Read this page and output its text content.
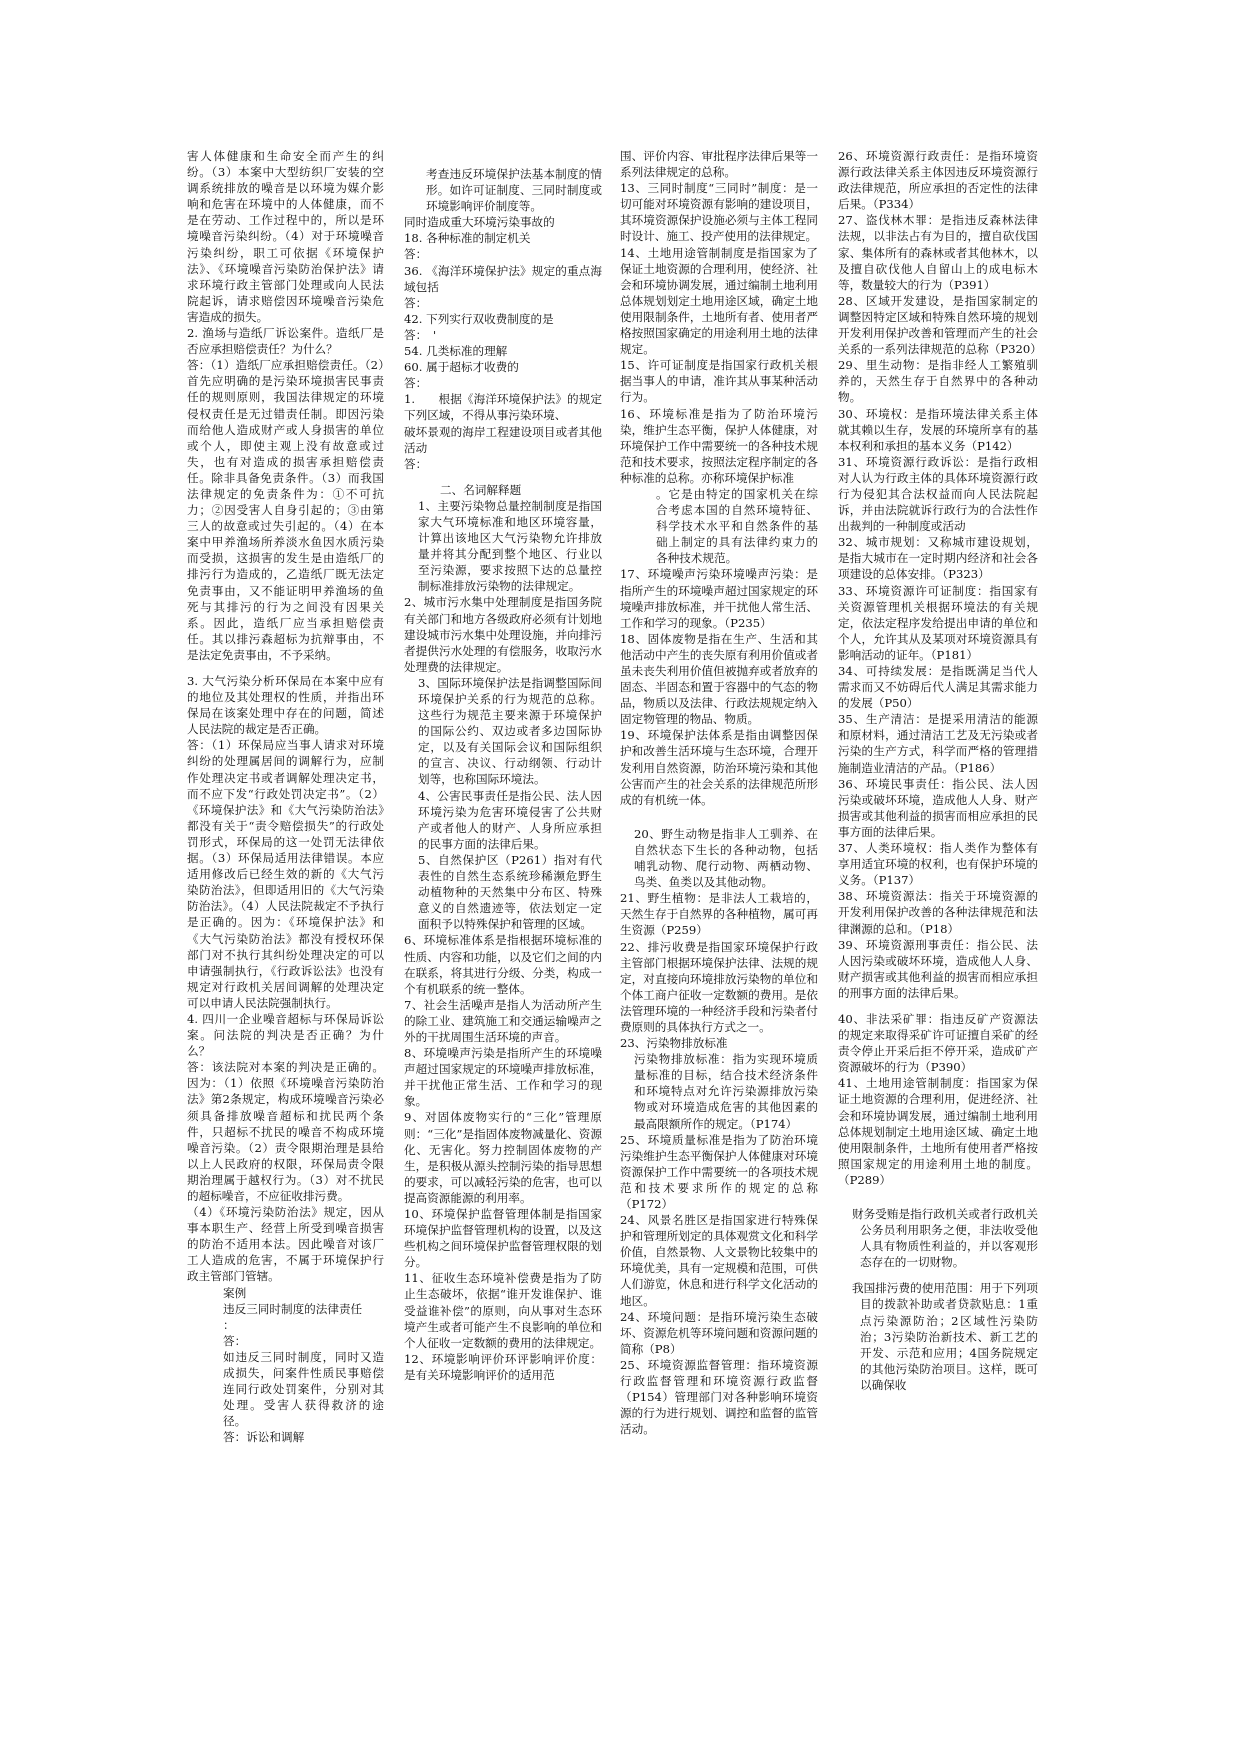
害人体健康和生命安全而产生的纠纷。（3）本案中大型纺织厂安装的空调系统排放的噪音是以环境为媒介影响和危害在环境中的人体健康，而不是在劳动、工作过程中的，所以是环境噪音污染纠纷。（4）对于环境噪音污染纠纷，职工可依据《环境保护法》、《环境噪音污染防治保护法》请求环境行政主管部门处理或向人民法院起诉，请求赔偿因环境噪音污染危害造成的损失。

2. 渔场与造纸厂诉讼案件。造纸厂是否应承担赔偿责任？为什么？

答：（1）造纸厂应承担赔偿责任。（2）首先应明确的是污染环境损害民事责任的规则原则，我国法律规定的环境侵权责任是无过错责任制。即因污染而给他人造成财产或人身损害的单位或个人，即使主观上没有故意或过失，也有对造成的损害承担赔偿责任。除非具备免责条件。（3）而我国法律规定的免责条件为：①不可抗力；②因受害人自身引起的；③由第三人的故意或过失引起的。（4）在本案中甲养渔场所养淡水鱼因水质污染而受损，这损害的发生是由造纸厂的排污行为造成的，乙造纸厂既无法定免责事由，又不能证明甲养渔场的鱼死与其排污的行为之间没有因果关系。因此，造纸厂应当承担赔偿责任。其以排污森超标为抗辩事由，不是法定免责事由，不予采纳。

3. 大气污染分析环保局在本案中应有的地位及其处理权的性质，并指出环保局在该案处理中存在的问题，简述人民法院的裁定是否正确。

答：（1）环保局应当事人请求对环境纠纷的处理属居间的调解行为，应制作处理决定书或者调解处理决定书，而不应下发“行政处罚决定书”。（2）《环境保护法》和《大气污染防治法》都没有关于“责令赔偿损失”的行政处罚形式，环保局的这一处罚无法律依据。（3）环保局适用法律错误。本应适用修改后已经生效的新的《大气污染防治法》，但即适用旧的《大气污染防治法》。（4）人民法院裁定不予执行是正确的。因为：《环境保护法》和《大气污染防治法》都没有授权环保部门对不执行其纠纷处理决定的可以申请强制执行，《行政诉讼法》也没有规定对行政机关居间调解的处理决定可以申请人民法院强制执行。

4. 四川一企业噪音超标与环保局诉讼案。问法院的判决是否正确？为什么？

答：该法院对本案的判决是正确的。因为：（1）依照《环境噪音污染防治法》第2条规定，构成环境噪音污染必须具备排放噪音超标和扰民两个条件，只超标不扰民的噪音不构成环境噪音污染。（2）责令限期治理是县给以上人民政府的权限，环保局责令限期治理属于越权行为。（3）对不扰民的超标噪音，不应征收排污费。

（4）《环境污染防治法》规定，因从事本职生产、经营上所受到噪音损害的防治不适用本法。因此噪音对该厂工人造成的危害，不属于环境保护行政主管部门管辖。

案例

违反三同时制度的法律责任

：

答：

如违反三同时制度，同时又造成损失，问案件性质民事赔偿连同行政处罚案件，分别对其处理。受害人获得救济的途径。

答：诉讼和调解

考查违反环境保护法基本制度的情形。如许可证制度、三同时制度或环境影响评价制度等。

同时造成重大环境污染事故的

18. 各种标准的制定机关

答：

36. 《海洋环境保护法》规定的重点海域包括

答：

42. 下列实行双收费制度的是

答：　'

54. 几类标准的理解

60. 属于超标才收费的

答：

1.　　根据《海洋环境保护法》的规定下列区域，不得从事污染环境、

破坏景观的海岸工程建设项目或者其他活动

答：

二、名词解释题

1、主要污染物总量控制制度是指国家大气环境标准和地区环境容量，计算出该地区大气污染物允许排放量并将其分配到整个地区、行业以至污染源，要求按照下达的总量控制标准排放污染物的法律规定。

2、城市污水集中处理制度是指国务院有关部门和地方各级政府必须有计划地建设城市污水集中处理设施，并向排污者提供污水处理的有偿服务，收取污水处理费的法律规定。

3、国际环境保护法是指调整国际间环境保护关系的行为规范的总称。这些行为规范主要来源于环境保护的国际公约、双边或者多边国际协定，以及有关国际会议和国际组织的宣言、决议、行动纲领、行动计划等，也称国际环境法。

4、公害民事责任是指公民、法人因环境污染为危害环境侵害了公共财产或者他人的财产、人身所应承担的民事方面的法律后果。

5、自然保护区（P261）指对有代表性的自然生态系统珍稀濒危野生动植物种的天然集中分布区、特殊意义的自然遗迹等，依法划定一定面积予以特殊保护和管理的区域。

6、环境标准体系是指根据环境标准的性质、内容和功能，以及它们之间的内在联系，将其进行分级、分类，构成一个有机联系的统一整体。

7、社会生活噪声是指人为活动所产生的除工业、建筑施工和交通运输噪声之外的干扰周围生活环境的声音。

8、环境噪声污染是指所产生的环境噪声超过国家规定的环境噪声排放标准，并干扰他正常生活、工作和学习的现象。

9、对固体废物实行的“三化”管理原则：“三化”是指固体废物减量化、资源化、无害化。努力控制固体废物的产生，是积极从源头控制污染的指导思想的要求，可以减轻污染的危害，也可以提高资源能源的利用率。

10、环境保护监督管理体制是指国家环境保护监督管理机构的设置，以及这些机构之间环境保护监督管理权限的划分。

11、征收生态环境补偿费是指为了防止生态破坏，依据“谁开发谁保护、谁受益谁补偿”的原则，向从事对生态环境产生或者可能产生不良影响的单位和个人征收一定数额的费用的法律规定。

12、环境影响评价环评影响评价度：是有关环境影响评价的适用范

围、评价内容、审批程序法律后果等一系列法律规定的总称。

13、三同时制度“三同时”制度：是一切可能对环境资源有影响的建设项目，其环境资源保护设施必须与主体工程同时设计、施工、投产使用的法律规定。

14、土地用途管制制度是指国家为了保证土地资源的合理利用，使经济、社会和环境协调发展，通过编制土地利用总体规划划定土地用途区域，确定土地使用限制条件，土地所有者、使用者严格按照国家确定的用途利用土地的法律规定。

15、许可证制度是指国家行政机关根据当事人的申请，准许其从事某种活动行为。

16、环境标准是指为了防治环境污染，维护生态平衡，保护人体健康，对环境保护工作中需要统一的各种技术规范和技术要求，按照法定程序制定的各种标准的总称。亦称环境保护标准

。它是由特定的国家机关在综合考虑本国的自然环境特征、科学技术水平和自然条件的基础上制定的具有法律约束力的各种技术规范。

17、环境噪声污染环境噪声污染：是指所产生的环境噪声超过国家规定的环境噪声排放标准，并干扰他人常生活、工作和学习的现象。（P235）

18、固体废物是指在生产、生活和其他活动中产生的丧失原有利用价值或者虽未丧失利用价值但被抛弃或者放弃的固态、半固态和置于容器中的气态的物品，物质以及法律、行政法规规定纳入固定物管理的物品、物质。

19、环境保护法体系是指由调整因保护和改善生活环境与生态环境，合理开发利用自然资源，防治环境污染和其他公害而产生的社会关系的法律规范所形成的有机统一体。

20、野生动物是指非人工驯养、在自然状态下生长的各种动物，包括哺乳动物、爬行动物、两栖动物、鸟类、鱼类以及其他动物。

21、野生植物：是非法人工栽培的，天然生存于自然界的各种植物，属可再生资源（P259）

22、排污收费是指国家环境保护行政主管部门根据环境保护法律、法规的规定，对直接向环境排放污染物的单位和个体工商户征收一定数额的费用。是依法管理环境的一种经济手段和污染者付费原则的具体执行方式之一。

23、污染物排放标准

污染物排放标准：指为实现环境质量标准的目标，结合技术经济条件和环境特点对允许污染源排放污染物或对环境造成危害的其他因素的最高限额所作的规定。（P174）

25、环境质量标准是指为了防治环境污染维护生态平衡保护人体健康对环境资源保护工作中需要统一的各项技术规范和技术要求所作的规定的总称（P172）

24、风景名胜区是指国家进行特殊保护和管理所划定的具体观赏文化和科学价值，自然景物、人文景物比较集中的环境优美，具有一定规模和范围，可供人们游览，休息和进行科学文化活动的地区。

24、环境问题：是指环境污染生态破坏、资源危机等环境问题和资源问题的简称（P8）

25、环境资源监督管理：指环境资源行政监督管理和环境资源行政监督（P154）管理部门对各种影响环境资源的行为进行规划、调控和监督的监管活动。

26、环境资源行政责任：是指环境资源行政法律关系主体因违反环境资源行政法律规范，所应承担的否定性的法律后果。（P334）

27、盗伐林木罪：是指违反森林法律法规，以非法占有为目的，擅自砍伐国家、集体所有的森林或者其他林木，以及擅自砍伐他人自留山上的成电标木等，数量较大的行为（P391）

28、区域开发建设，是指国家制定的调整因特定区域和特殊自然环境的规划开发利用保护改善和管理而产生的社会关系的一系列法律规范的总称（P320）

29、里生动物：是指非经人工繁殖驯养的，天然生存于自然界中的各种动物。

30、环境权：是指环境法律关系主体就其赖以生存，发展的环境所享有的基本权利和承担的基本义务（P142）

31、环境资源行政诉讼：是指行政相对人认为行政主体的具体环境资源行政行为侵犯其合法权益而向人民法院起诉，并由法院就诉行政行为的合法性作出裁判的一种制度或活动

32、城市规划：又称城市建设规划，是指大城市在一定时期内经济和社会各项建设的总体安排。（P323）

33、环境资源许可证制度：指国家有关资源管理机关根据环境法的有关规定，依法定程序发给提出申请的单位和个人，允许其从及某项对环境资源具有影响活动的证年。（P181）

34、可持续发展：是指既满足当代人需求而又不妨碍后代人满足其需求能力的发展（P50）

35、生产清洁：是提采用清洁的能源和原材料，通过清洁工艺及无污染或者污染的生产方式，科学而严格的管理措施制造业清洁的产品。（P186）

36、环境民事责任：指公民、法人因污染或破坏环境，造成他人人身、财产损害或其他利益的损害而相应承担的民事方面的法律后果。

37、人类环境权：指人类作为整体有享用适宜环境的权利，也有保护环境的义务。（P137）

38、环境资源法：指关于环境资源的开发利用保护改善的各种法律规范和法律渊源的总和。（P18）

39、环境资源刑事责任：指公民、法人因污染或破坏环境，造成他人人身、财产损害或其他利益的损害而相应承担的刑事方面的法律后果。

40、非法采矿罪：指违反矿产资源法的规定来取得采矿许可证擅自采矿的经责令停止开采后拒不停开采，造成矿产资源破坏的行为（P390）

41、土地用途管制制度：指国家为保证土地资源的合理利用，促进经济、社会和环境协调发展，通过编制土地利用总体规划制定土地用途区域、确定土地使用限制条件，土地所有使用者严格按照国家规定的用途利用土地的制度。（P289）

财务受贿是指行政机关或者行政机关公务员利用职务之便，非法收受他人具有物质性利益的，并以客观形态存在的一切财物。

我国排污费的使用范围：用于下列项目的拨款补助或者贷款贴息：1重点污染源防治；2区域性污染防治；3污染防治新技术、新工艺的开发、示范和应用；4国务院规定的其他污染防治项目。这样，既可以确保收
